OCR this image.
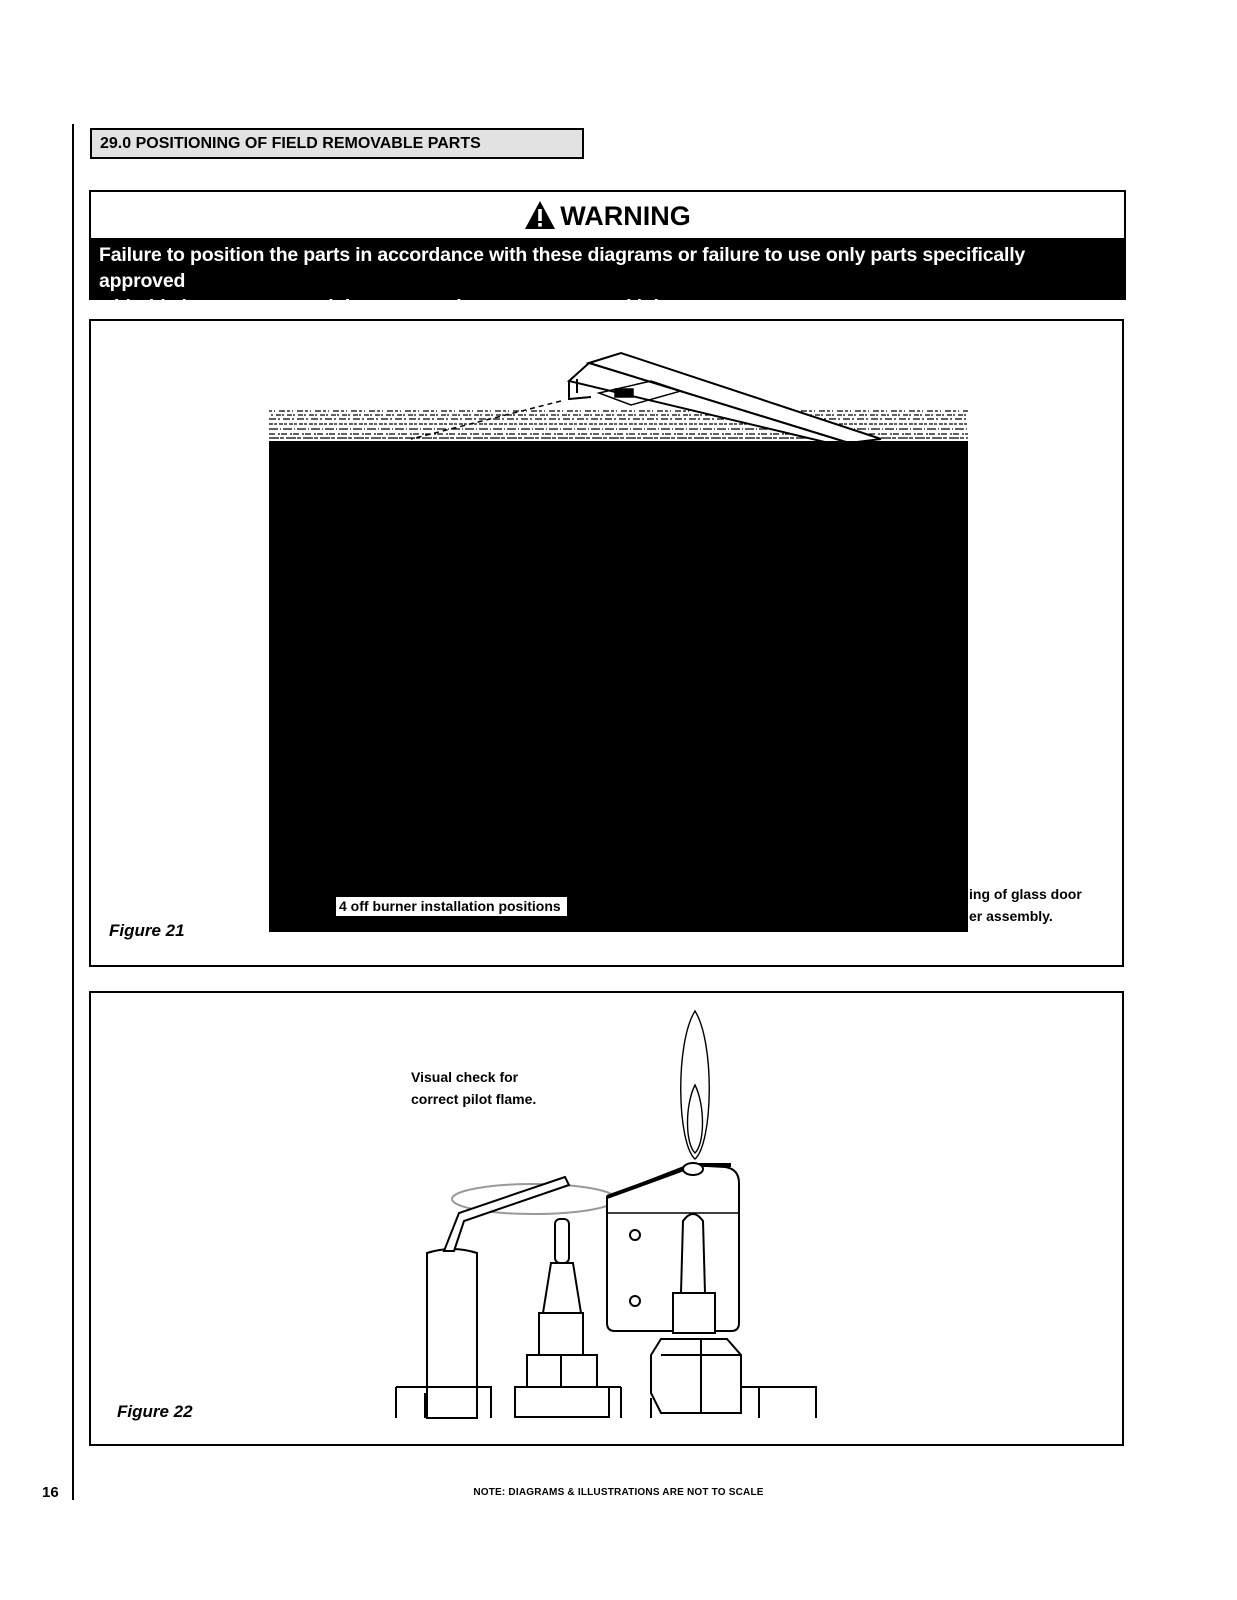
29.0 POSITIONING OF FIELD REMOVABLE PARTS
WARNING
Failure to position the parts in accordance with these diagrams or failure to use only parts specifically approved
with this heater may result in property damage or personal injury.
4 off burner installation positions
ing of glass door
er assembly.
Figure 21
Visual check for
correct pilot flame.
Figure 22
16	NOTE: DIAGRAMS & ILLUSTRATIONS ARE NOT TO SCALE
